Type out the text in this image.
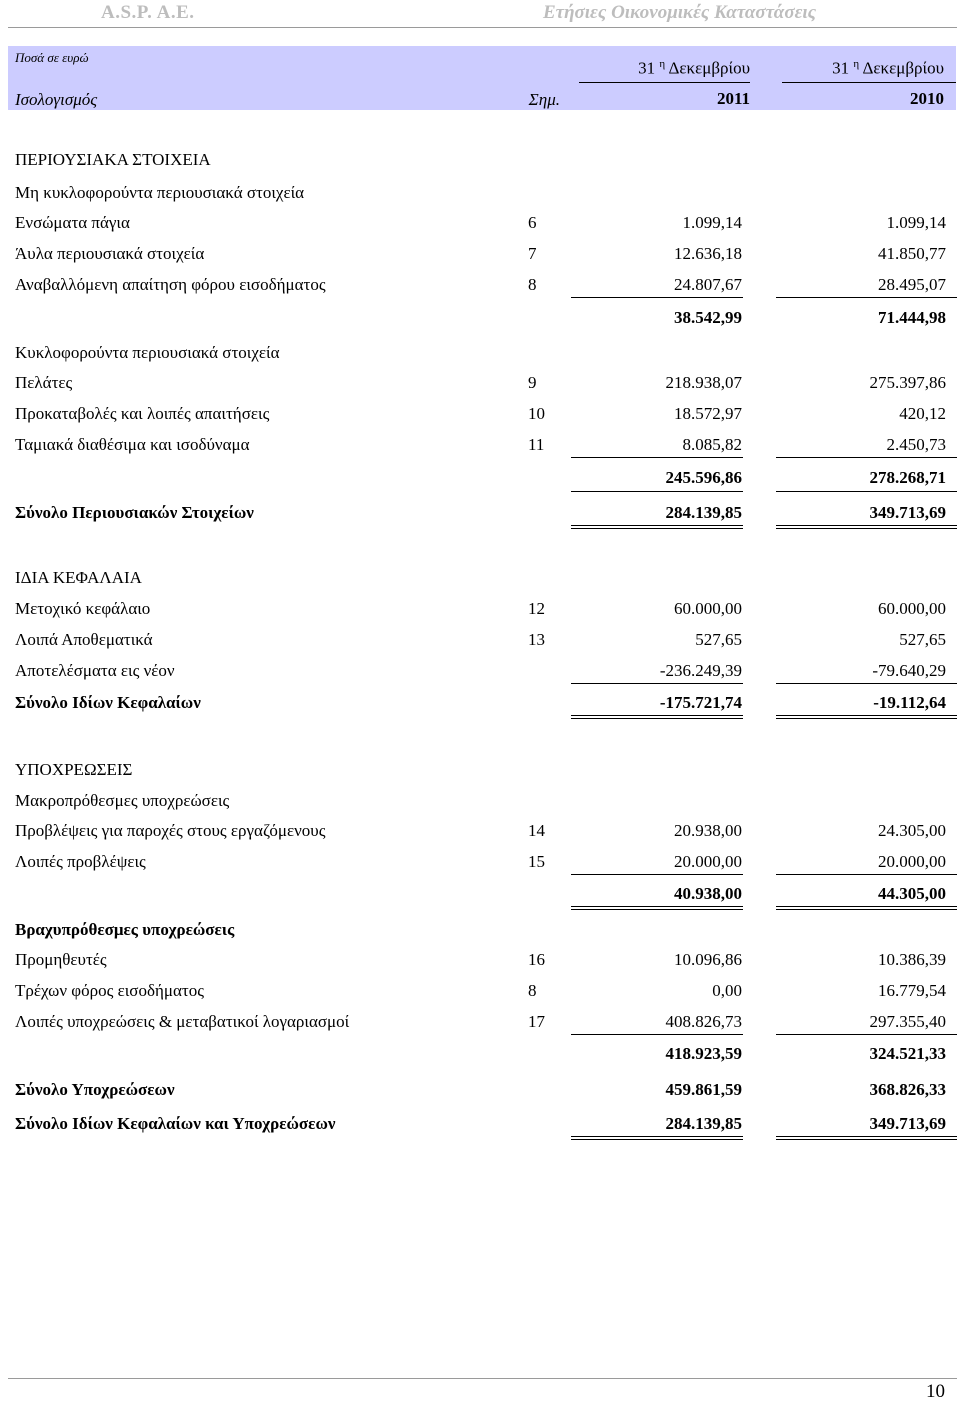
A.S.P. A.E.	Ετήσιες Οικονομικές Καταστάσεις
Ποσά σε ευρώ
31 $^\eta$ Δεκεμβρίου	31 $^\eta$ Δεκεμβρίου
Ισολογισμός	Σημ.	2011	2010
ΠΕΡΙΟΥΣΙΑΚΑ ΣΤΟΙΧΕΙΑ
Μη κυκλοφορούντα περιουσιακά στοιχεία
Ενσώματα πάγια	6	1.099,14	1.099,14
Άυλα περιουσιακά στοιχεία	7	12.636,18	41.850,77
Αναβαλλόμενη απαίτηση φόρου εισοδήματος	8	24.807,67	28.495,07
38.542,99	71.444,98
Κυκλοφορούντα περιουσιακά στοιχεία
Πελάτες	9	218.938,07	275.397,86
Προκαταβολές και λοιπές απαιτήσεις	10	18.572,97	420,12
Ταμιακά διαθέσιμα και ισοδύναμα	11	8.085,82	2.450,73
245.596,86	278.268,71
Σύνολο Περιουσιακών Στοιχείων	284.139,85	349.713,69
ΙΔΙΑ ΚΕΦΑΛΑΙΑ
Μετοχικό κεφάλαιο	12	60.000,00	60.000,00
Λοιπά Αποθεματικά	13	527,65	527,65
Αποτελέσματα εις νέον	-236.249,39	-79.640,29
Σύνολο Ιδίων Κεφαλαίων	-175.721,74	-19.112,64
ΥΠΟΧΡΕΩΣΕΙΣ
Μακροπρόθεσμες υποχρεώσεις
Προβλέψεις για παροχές στους εργαζόμενους	14	20.938,00	24.305,00
Λοιπές προβλέψεις	15	20.000,00	20.000,00
40.938,00	44.305,00
Βραχυπρόθεσμες υποχρεώσεις
Προμηθευτές	16	10.096,86	10.386,39
Τρέχων φόρος εισοδήματος	8	0,00	16.779,54
Λοιπές υποχρεώσεις & μεταβατικοί λογαριασμοί	17	408.826,73	297.355,40
418.923,59	324.521,33
Σύνολο Υποχρεώσεων	459.861,59	368.826,33
Σύνολο Ιδίων Κεφαλαίων και Υποχρεώσεων	284.139,85	349.713,69
10
